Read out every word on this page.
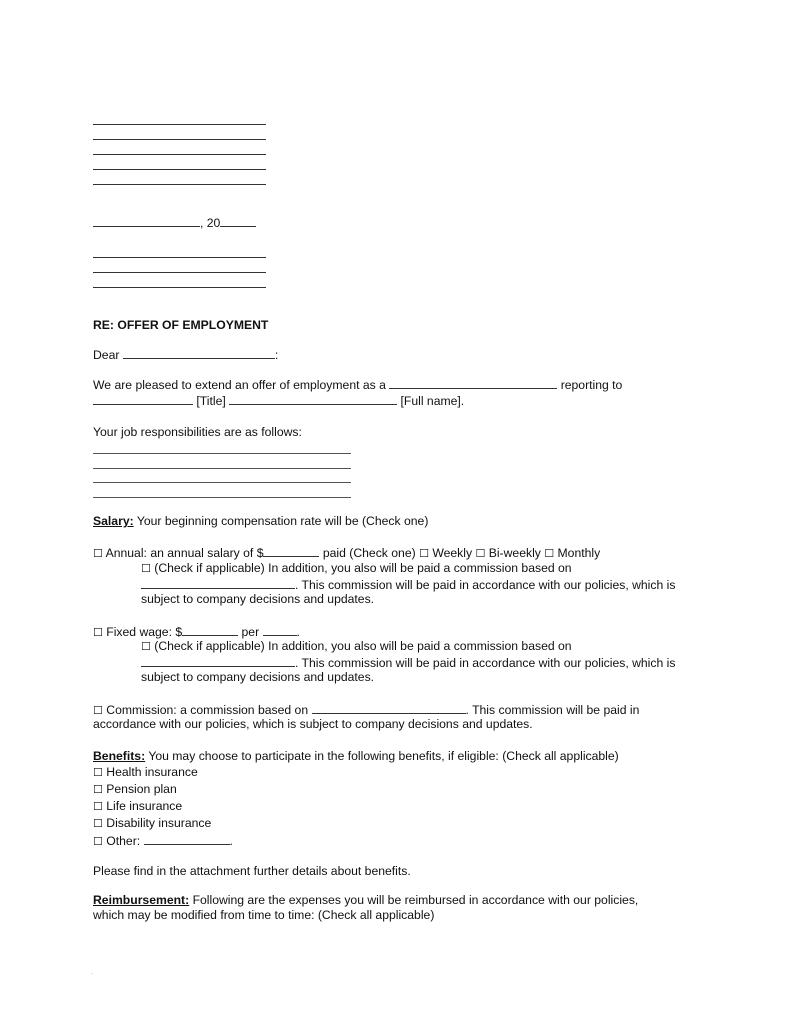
, 20
RE: OFFER OF EMPLOYMENT
Dear	:
We are pleased to extend an offer of employment as a	reporting to
[Title]	[Full name].
Your job responsibilities are as follows:
Salary: Your beginning compensation rate will be (Check one)
☐ Annual: an annual salary of $	paid (Check one) ☐ Weekly ☐ Bi-weekly ☐ Monthly
☐ (Check if applicable) In addition, you also will be paid a commission based on
. This commission will be paid in accordance with our policies, which is
subject to company decisions and updates.
☐ Fixed wage: $	per	.
☐ (Check if applicable) In addition, you also will be paid a commission based on
. This commission will be paid in accordance with our policies, which is
subject to company decisions and updates.
☐ Commission: a commission based on	. This commission will be paid in
accordance with our policies, which is subject to company decisions and updates.
Benefits: You may choose to participate in the following benefits, if eligible: (Check all applicable)
☐ Health insurance
☐ Pension plan
☐ Life insurance
☐ Disability insurance
☐ Other:	.
Please find in the attachment further details about benefits.
Reimbursement: Following are the expenses you will be reimbursed in accordance with our policies,
which may be modified from time to time: (Check all applicable)
.
